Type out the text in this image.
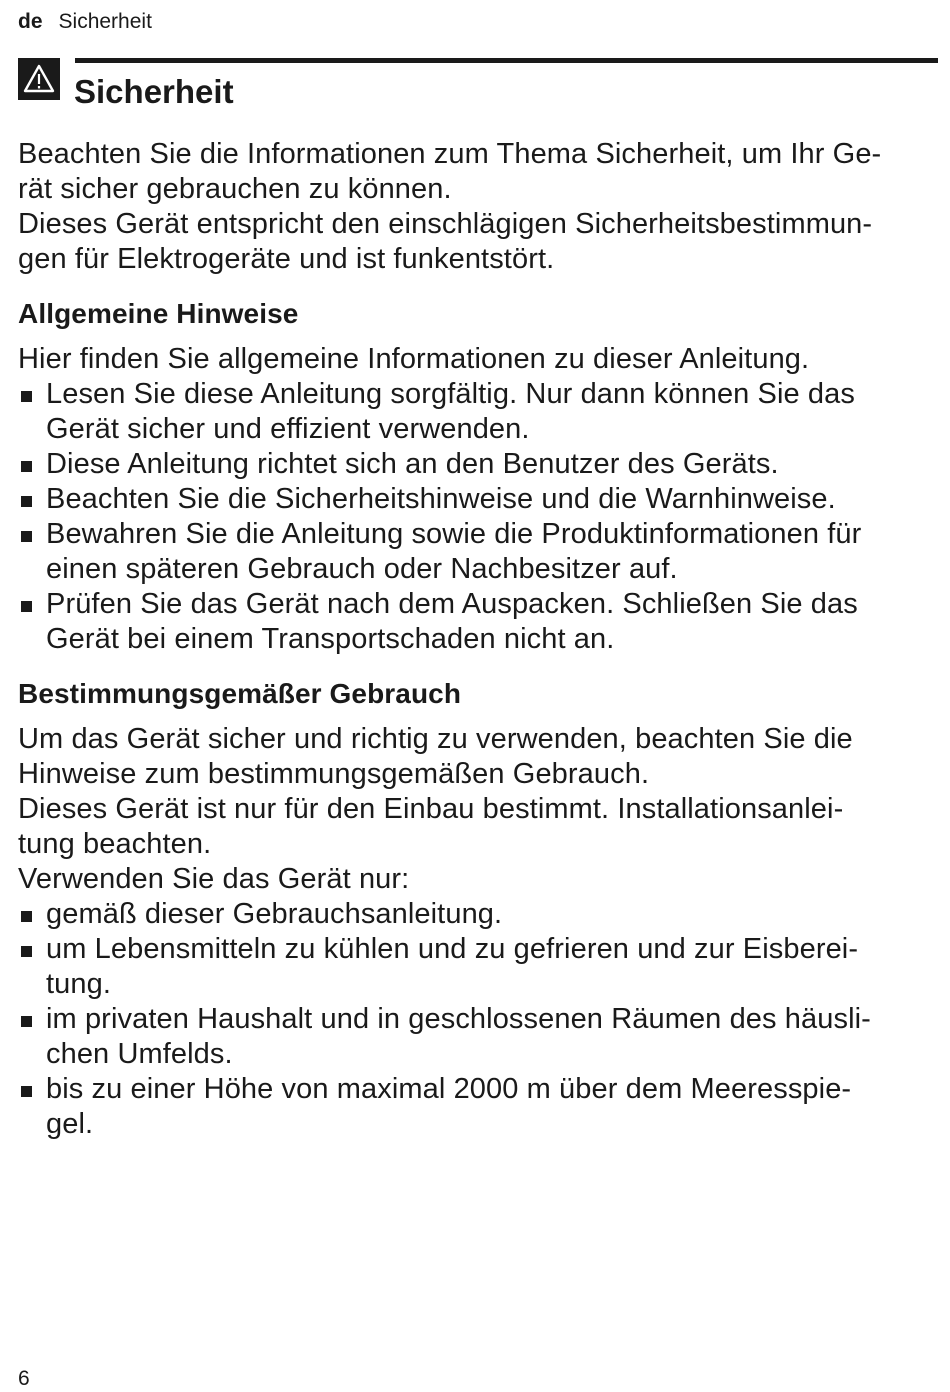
de Sicherheit
Sicherheit

Beachten Sie die Informationen zum Thema Sicherheit, um Ihr Ge-
rät sicher gebrauchen zu können.

Dieses Gerät entspricht den einschlägigen Sicherheitsbestimmun-
gen für Elektrogeräte und ist funkentstört.

Allgemeine Hinweise

Hier finden Sie allgemeine Informationen zu dieser Anleitung.

Lesen Sie diese Anleitung sorgfältig. Nur dann können Sie das
Gerät sicher und effizient verwenden.
Diese Anleitung richtet sich an den Benutzer des Geräts.
Beachten Sie die Sicherheitshinweise und die Warnhinweise.
Bewahren Sie die Anleitung sowie die Produktinformationen für
einen späteren Gebrauch oder Nachbesitzer auf.
Prüfen Sie das Gerät nach dem Auspacken. Schließen Sie das
Gerät bei einem Transportschaden nicht an.
Bestimmungsgemäßer Gebrauch

Um das Gerät sicher und richtig zu verwenden, beachten Sie die
Hinweise zum bestimmungsgemäßen Gebrauch.

Dieses Gerät ist nur für den Einbau bestimmt. Installationsanlei-
tung beachten.

Verwenden Sie das Gerät nur:

gemäß dieser Gebrauchsanleitung.
um Lebensmitteln zu kühlen und zu gefrieren und zur Eisberei-
tung.
im privaten Haushalt und in geschlossenen Räumen des häusli-
chen Umfelds.
bis zu einer Höhe von maximal 2000 m über dem Meeresspie-
gel.
6
